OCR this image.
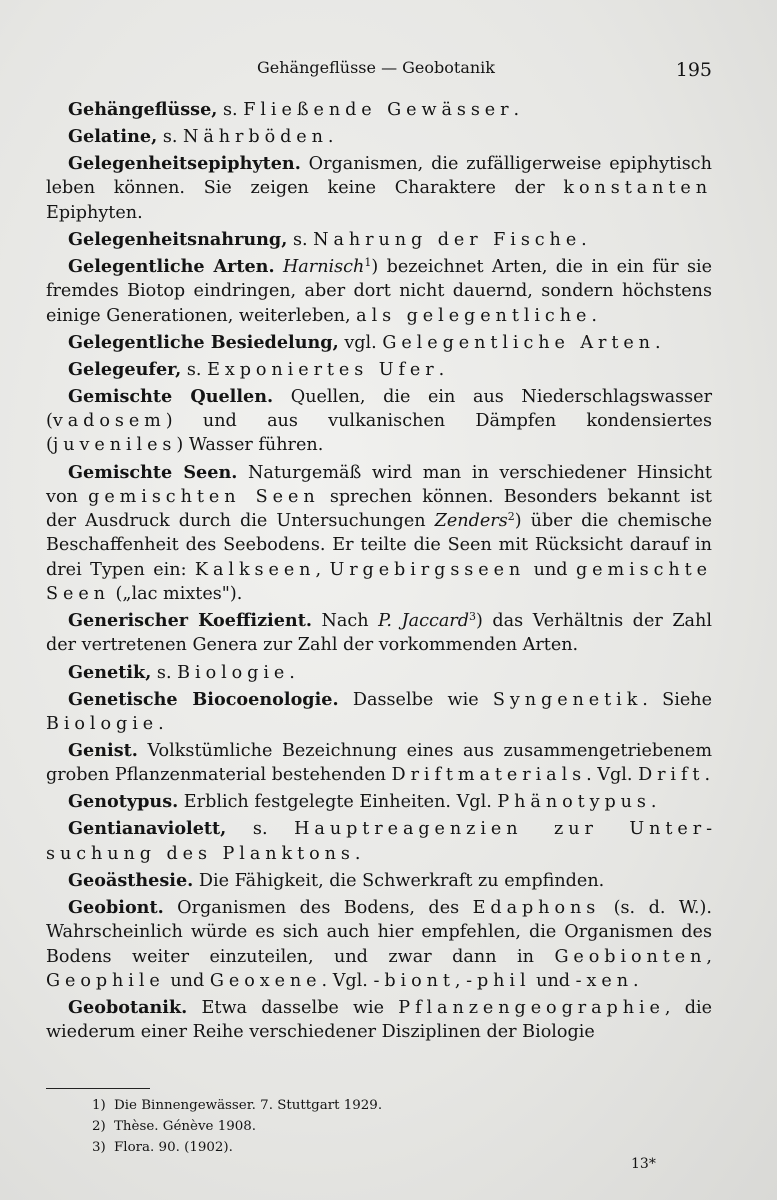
Gehängeflüsse — Geobotanik	195

Gehängeflüsse, s. Fließende Gewässer.

Gelatine, s. Nährböden.

Gelegenheitsepiphyten. Organismen, die zufälligerweise epiphytisch leben können. Sie zeigen keine Charaktere der konstanten Epiphyten.

Gelegenheitsnahrung, s. Nahrung der Fische.

Gelegentliche Arten. Harnisch$^1$) bezeichnet Arten, die in ein für sie fremdes Biotop eindringen, aber dort nicht dauernd, sondern höchstens einige Generationen, weiterleben, als gelegentliche.

Gelegentliche Besiedelung, vgl. Gelegentliche Arten.

Gelegeufer, s. Exponiertes Ufer.

Gemischte Quellen. Quellen, die ein aus Niederschlagswasser (vadosem) und aus vulkanischen Dämpfen kondensiertes (juveniles) Wasser führen.

Gemischte Seen. Naturgemäß wird man in verschiedener Hinsicht von gemischten Seen sprechen können. Besonders bekannt ist der Ausdruck durch die Untersuchungen Zenders$^2$) über die chemische Beschaffenheit des Seebodens. Er teilte die Seen mit Rücksicht darauf in drei Typen ein: Kalkseen, Urgebirgsseen und gemischte Seen („lac mixtes").

Generischer Koeffizient. Nach P. Jaccard$^3$) das Verhältnis der Zahl der vertretenen Genera zur Zahl der vorkommenden Arten.

Genetik, s. Biologie.

Genetische Biocoenologie. Dasselbe wie Syngenetik. Siehe Biologie.

Genist. Volkstümliche Bezeichnung eines aus zusammengetriebenem groben Pflanzenmaterial bestehenden Driftmaterials. Vgl. Drift.

Genotypus. Erblich festgelegte Einheiten. Vgl. Phänotypus.

Gentianaviolett, s. Hauptreagenzien zur Untersuchung des Planktons.

Geoästhesie. Die Fähigkeit, die Schwerkraft zu empfinden.

Geobiont. Organismen des Bodens, des Edaphons (s. d. W.). Wahrscheinlich würde es sich auch hier empfehlen, die Organismen des Bodens weiter einzuteilen, und zwar dann in Geobionten, Geophile und Geoxene. Vgl. -biont, -phil und -xen.

Geobotanik. Etwa dasselbe wie Pflanzengeographie, die wiederum einer Reihe verschiedener Disziplinen der Biologie

1) Die Binnengewässer. 7. Stuttgart 1929.
2) Thèse. Génève 1908.
3) Flora. 90. (1902).
13*
